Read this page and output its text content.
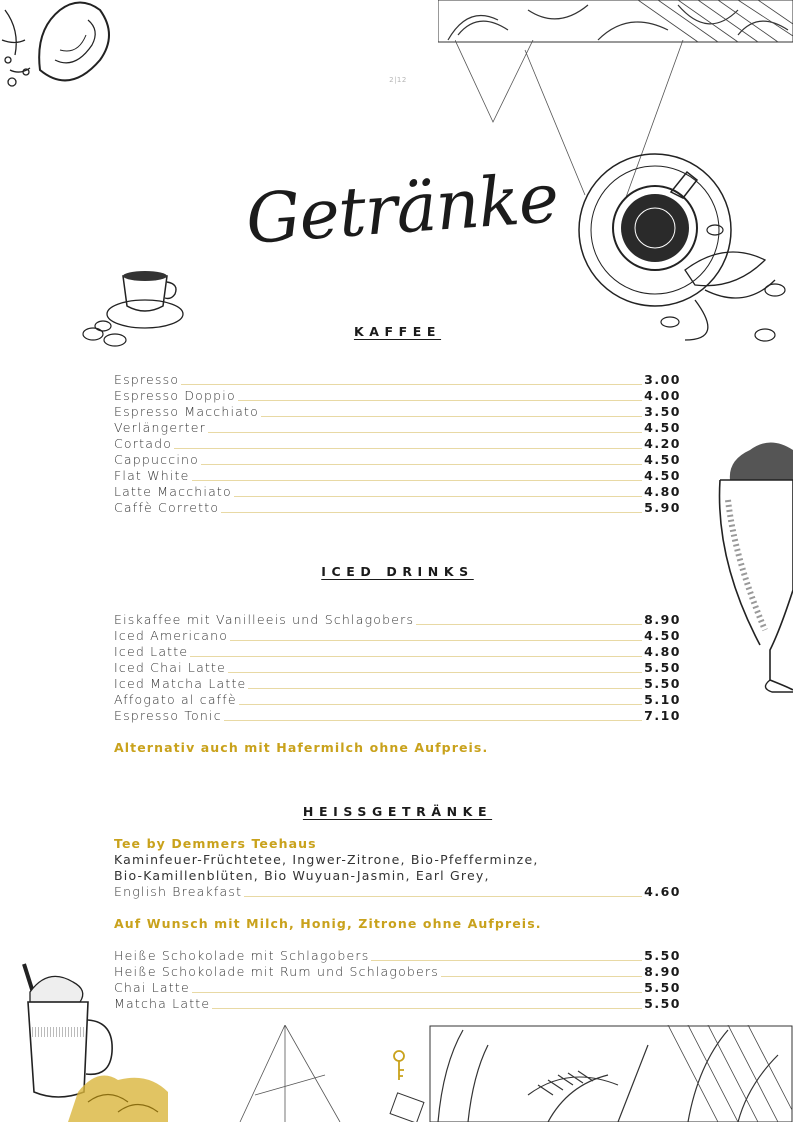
2|12
Getränke
KAFFEE
Espresso	3.00
Espresso Doppio	4.00
Espresso Macchiato	3.50
Verlängerter	4.50
Cortado	4.20
Cappuccino	4.50
Flat White	4.50
Latte Macchiato	4.80
Caffè Corretto	5.90
ICED DRINKS
Eiskaffee mit Vanilleeis und Schlagobers	8.90
Iced Americano	4.50
Iced Latte	4.80
Iced Chai Latte	5.50
Iced Matcha Latte	5.50
Affogato al caffè	5.10
Espresso Tonic	7.10
Alternativ auch mit Hafermilch ohne Aufpreis.
HEISSGETRÄNKE
Tee by Demmers Teehaus
Kaminfeuer-Früchtetee, Ingwer-Zitrone, Bio-Pfefferminze,
Bio-Kamillenblüten, Bio Wuyuan-Jasmin, Earl Grey,
English Breakfast	4.60
Auf Wunsch mit Milch, Honig, Zitrone ohne Aufpreis.
Heiße Schokolade mit Schlagobers	5.50
Heiße Schokolade mit Rum und Schlagobers	8.90
Chai Latte	5.50
Matcha Latte	5.50
